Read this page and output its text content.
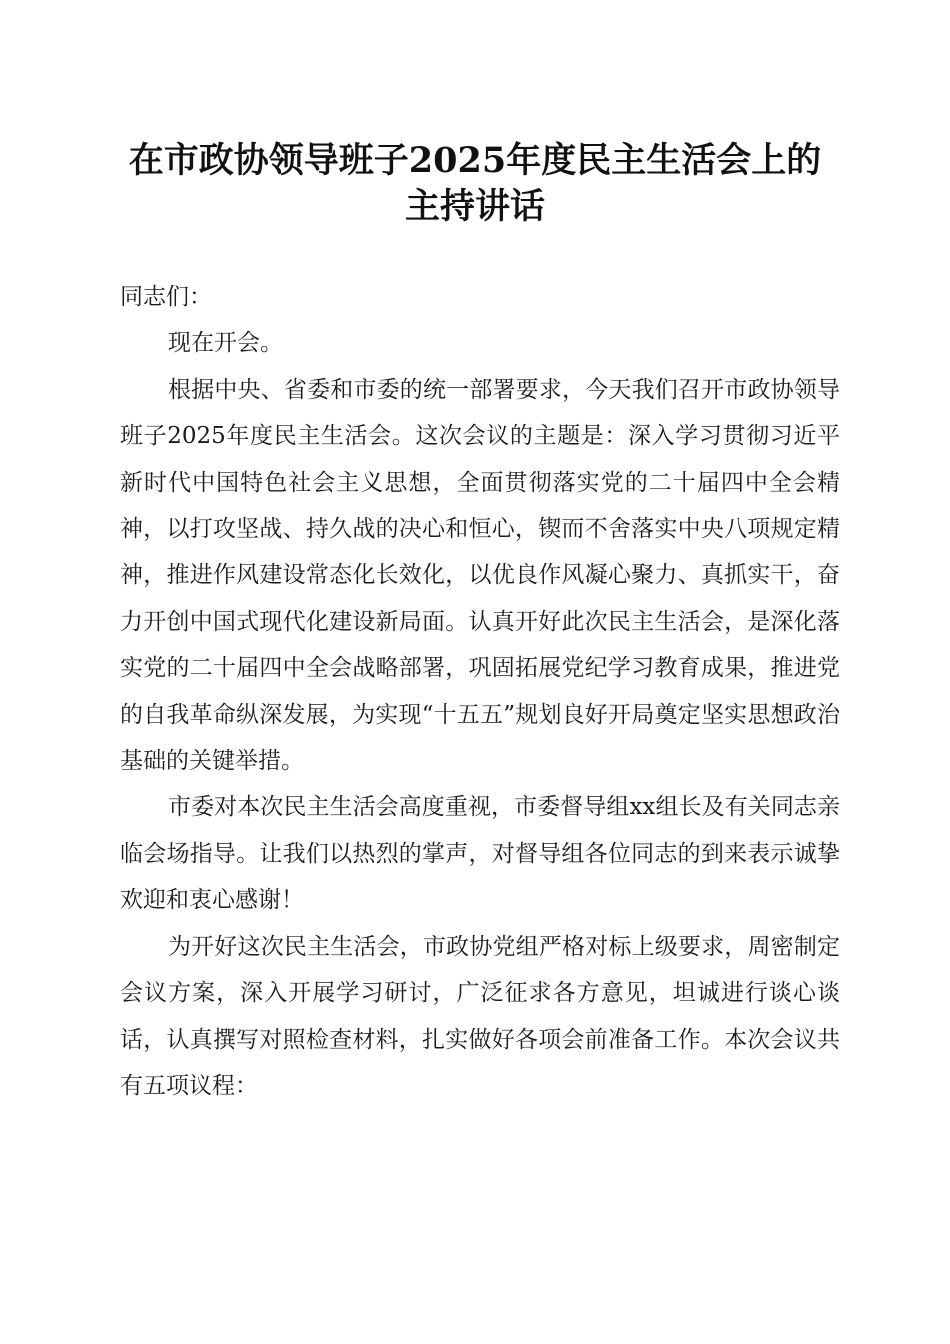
在市政协领导班子2025年度民主生活会上的
主持讲话

同志们：

现在开会。

根据中央、省委和市委的统一部署要求，今天我们召开市政协领导班子2025年度民主生活会。这次会议的主题是：深入学习贯彻习近平新时代中国特色社会主义思想，全面贯彻落实党的二十届四中全会精神，以打攻坚战、持久战的决心和恒心，锲而不舍落实中央八项规定精神，推进作风建设常态化长效化，以优良作风凝心聚力、真抓实干，奋力开创中国式现代化建设新局面。认真开好此次民主生活会，是深化落实党的二十届四中全会战略部署，巩固拓展党纪学习教育成果，推进党的自我革命纵深发展，为实现“十五五”规划良好开局奠定坚实思想政治基础的关键举措。

市委对本次民主生活会高度重视，市委督导组xx组长及有关同志亲临会场指导。让我们以热烈的掌声，对督导组各位同志的到来表示诚挚欢迎和衷心感谢！

为开好这次民主生活会，市政协党组严格对标上级要求，周密制定会议方案，深入开展学习研讨，广泛征求各方意见，坦诚进行谈心谈话，认真撰写对照检查材料，扎实做好各项会前准备工作。本次会议共有五项议程：
